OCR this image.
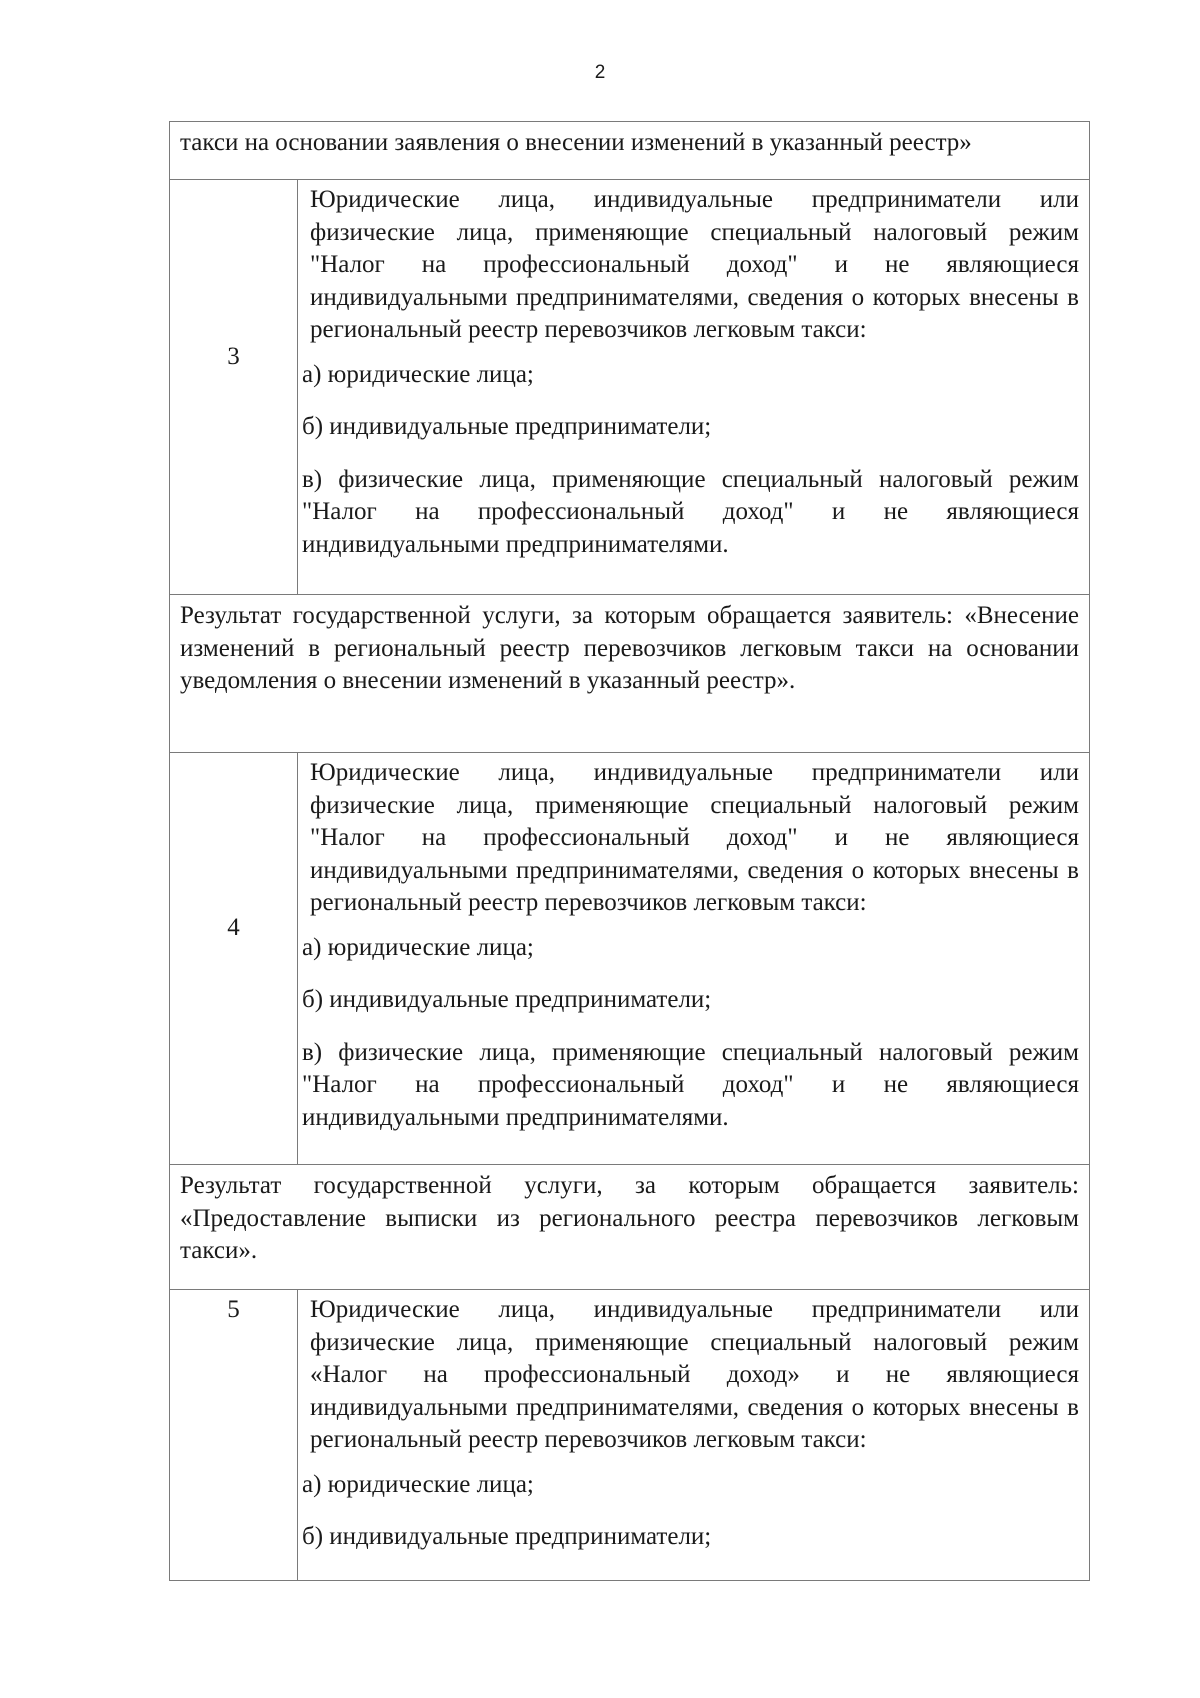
2
такси на основании заявления о внесении изменений в указанный реестр»	
3	Юридические лица, индивидуальные предприниматели или физические лица, применяющие специальный налоговый режим "Налог на профессиональный доход" и не являющиеся индивидуальными предпринимателями, сведения о которых внесены в региональный реестр перевозчиков легковым такси:

а) юридические лица;

б) индивидуальные предприниматели;

в) физические лица, применяющие специальный налоговый режим "Налог на профессиональный доход" и не являющиеся индивидуальными предпринимателями.

Результат государственной услуги, за которым обращается заявитель: «Внесение изменений в региональный реестр перевозчиков легковым такси на основании уведомления о внесении изменений в указанный реестр».	
4	Юридические лица, индивидуальные предприниматели или физические лица, применяющие специальный налоговый режим "Налог на профессиональный доход" и не являющиеся индивидуальными предпринимателями, сведения о которых внесены в региональный реестр перевозчиков легковым такси:

а) юридические лица;

б) индивидуальные предприниматели;

в) физические лица, применяющие специальный налоговый режим "Налог на профессиональный доход" и не являющиеся индивидуальными предпринимателями.

Результат государственной услуги, за которым обращается заявитель: «Предоставление выписки из регионального реестра перевозчиков легковым такси».	
5	Юридические лица, индивидуальные предприниматели или физические лица, применяющие специальный налоговый режим «Налог на профессиональный доход» и не являющиеся индивидуальными предпринимателями, сведения о которых внесены в региональный реестр перевозчиков легковым такси:

а) юридические лица;

б) индивидуальные предприниматели;
